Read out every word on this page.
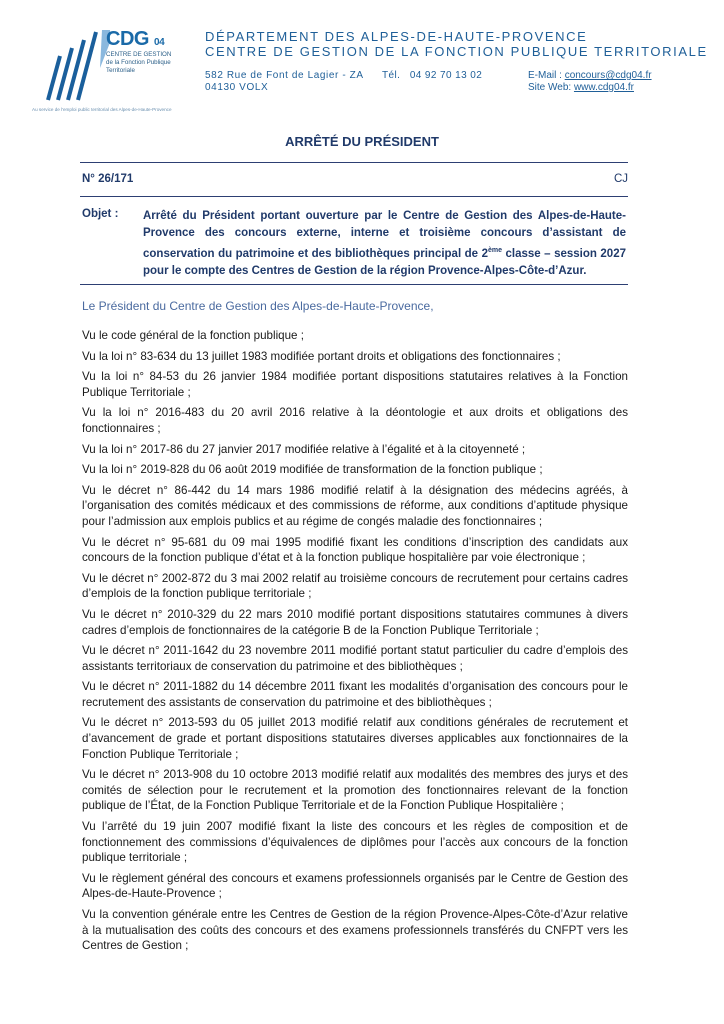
CDG 04
CENTRE DE GESTION
de la Fonction Publique Territoriale
Au service de l'emploi public territorial des Alpes-de-Haute-Provence
DÉPARTEMENT DES ALPES-DE-HAUTE-PROVENCE
CENTRE DE GESTION DE LA FONCTION PUBLIQUE TERRITORIALE
582 Rue de Font de Lagier - ZA
04130 VOLX
Tél. 04 92 70 13 02	E-Mail : concours@cdg04.fr
Site Web: www.cdg04.fr
ARRÊTÉ DU PRÉSIDENT
N° 26/171	CJ
Objet : Arrêté du Président portant ouverture par le Centre de Gestion des Alpes-de-Haute-Provence des concours externe, interne et troisième concours d’assistant de conservation du patrimoine et des bibliothèques principal de 2ème classe – session 2027 pour le compte des Centres de Gestion de la région Provence-Alpes-Côte-d’Azur.
Le Président du Centre de Gestion des Alpes-de-Haute-Provence,
Vu le code général de la fonction publique ;
Vu la loi n° 83-634 du 13 juillet 1983 modifiée portant droits et obligations des fonctionnaires ;
Vu la loi n° 84-53 du 26 janvier 1984 modifiée portant dispositions statutaires relatives à la Fonction Publique Territoriale ;
Vu la loi n° 2016-483 du 20 avril 2016 relative à la déontologie et aux droits et obligations des fonctionnaires ;
Vu la loi n° 2017-86 du 27 janvier 2017 modifiée relative à l’égalité et à la citoyenneté ;
Vu la loi n° 2019-828 du 06 août 2019 modifiée de transformation de la fonction publique ;
Vu le décret n° 86-442 du 14 mars 1986 modifié relatif à la désignation des médecins agréés, à l’organisation des comités médicaux et des commissions de réforme, aux conditions d’aptitude physique pour l’admission aux emplois publics et au régime de congés maladie des fonctionnaires ;
Vu le décret n° 95-681 du 09 mai 1995 modifié fixant les conditions d’inscription des candidats aux concours de la fonction publique d’état et à la fonction publique hospitalière par voie électronique ;
Vu le décret n° 2002-872 du 3 mai 2002 relatif au troisième concours de recrutement pour certains cadres d’emplois de la fonction publique territoriale ;
Vu le décret n° 2010-329 du 22 mars 2010 modifié portant dispositions statutaires communes à divers cadres d’emplois de fonctionnaires de la catégorie B de la Fonction Publique Territoriale ;
Vu le décret n° 2011-1642 du 23 novembre 2011 modifié portant statut particulier du cadre d’emplois des assistants territoriaux de conservation du patrimoine et des bibliothèques ;
Vu le décret n° 2011-1882 du 14 décembre 2011 fixant les modalités d’organisation des concours pour le recrutement des assistants de conservation du patrimoine et des bibliothèques ;
Vu le décret n° 2013-593 du 05 juillet 2013 modifié relatif aux conditions générales de recrutement et d’avancement de grade et portant dispositions statutaires diverses applicables aux fonctionnaires de la Fonction Publique Territoriale ;
Vu le décret n° 2013-908 du 10 octobre 2013 modifié relatif aux modalités des membres des jurys et des comités de sélection pour le recrutement et la promotion des fonctionnaires relevant de la fonction publique de l’État, de la Fonction Publique Territoriale et de la Fonction Publique Hospitalière ;
Vu l’arrêté du 19 juin 2007 modifié fixant la liste des concours et les règles de composition et de fonctionnement des commissions d’équivalences de diplômes pour l’accès aux concours de la fonction publique territoriale ;
Vu le règlement général des concours et examens professionnels organisés par le Centre de Gestion des Alpes-de-Haute-Provence ;
Vu la convention générale entre les Centres de Gestion de la région Provence-Alpes-Côte-d’Azur relative à la mutualisation des coûts des concours et des examens professionnels transférés du CNFPT vers les Centres de Gestion ;
